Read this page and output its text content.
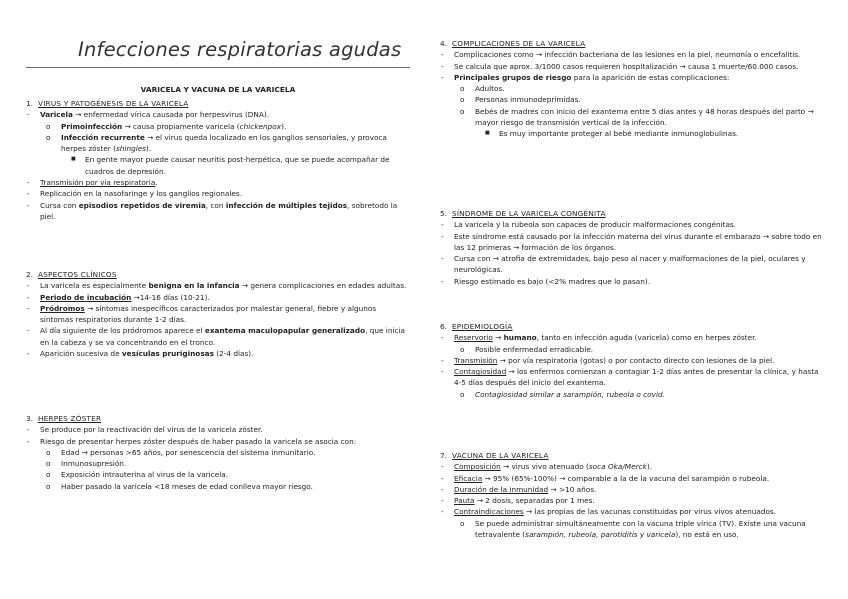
Infecciones respiratorias agudas
VARICELA Y VACUNA DE LA VARICELA
1. VIRUS Y PATOGÉNESIS DE LA VARICELA
- Varicela → enfermedad vírica causada por herpesvirus (DNA).
o Primoinfección → causa propiamente varicela (chickenpox).
o Infección recurrente → el virus queda localizado en los ganglios sensoriales, y provoca herpes zóster (shingles).
■ En gente mayor puede causar neuritis post-herpética, que se puede acompañar de cuadros de depresión.
- Transmisión por vía respiratoria.
- Replicación en la nasofaringe y los ganglios regionales.
- Cursa con episodios repetidos de viremia, con infección de múltiples tejidos, sobretodo la piel.
2. ASPECTOS CLÍNICOS
- La varicela es especialmente benigna en la infancia → genera complicaciones en edades adultas.
- Periodo de incubación →14-16 días (10-21).
- Pródromos → síntomas inespecíficos caracterizados por malestar general, fiebre y algunos síntomas respiratorios durante 1-2 días.
- Al día siguiente de los pródromos aparece el exantema maculopapular generalizado, que inicia en la cabeza y se va concentrando en el tronco.
- Aparición sucesiva de vesículas pruriginosas (2-4 días).
3. HERPES ZÓSTER
- Se produce por la reactivación del virus de la varicela zóster.
- Riesgo de presentar herpes zóster después de haber pasado la varicela se asocia con:
o Edad → personas >65 años, por senescencia del sistema inmunitario.
o Inmunosupresión.
o Exposición intrauterina al virus de la varicela.
o Haber pasado la varicela <18 meses de edad conlleva mayor riesgo.
4. COMPLICACIONES DE LA VARICELA
- Complicaciones como → infección bacteriana de las lesiones en la piel, neumonía o encefalitis.
- Se calcula que aprox. 3/1000 casos requieren hospitalización → causa 1 muerte/60.000 casos.
- Principales grupos de riesgo para la aparición de estas complicaciones:
o Adultos.
o Personas inmunodeprimidas.
o Bebés de madres con inicio del exantema entre 5 días antes y 48 horas después del parto → mayor riesgo de transmisión vertical de la infección.
■ Es muy importante proteger al bebé mediante inmunoglobulinas.
5. SÍNDROME DE LA VARICELA CONGÉNITA
- La varicela y la rubeola son capaces de producir malformaciones congénitas.
- Este síndrome está causado por la infección materna del virus durante el embarazo → sobre todo en las 12 primeras → formación de los órganos.
- Cursa con → atrofia de extremidades, bajo peso al nacer y malformaciones de la piel, oculares y neurológicas.
- Riesgo estimado es bajo (<2% madres que lo pasan).
6. EPIDEMIOLOGÍA
- Reservorio → humano, tanto en infección aguda (varicela) como en herpes zóster.
o Posible enfermedad erradicable.
- Transmisión → por vía respiratoria (gotas) o por contacto directo con lesiones de la piel.
- Contagiosidad → los enfermos comienzan a contagiar 1-2 días antes de presentar la clínica, y hasta 4-5 días después del inicio del exantema.
o Contagiosidad similar a sarampión, rubeola o covid.
7. VACUNA DE LA VARICELA
- Composición → virus vivo atenuado (soca Oka/Merck).
- Eficacia → 95% (65%-100%) → comparable a la de la vacuna del sarampión o rubeola.
- Duración de la inmunidad → >10 años.
- Pauta → 2 dosis, separadas por 1 mes.
- Contraindicaciones → las propias de las vacunas constituidas por virus vivos atenuados.
o Se puede administrar simultáneamente con la vacuna triple vírica (TV). Existe una vacuna tetravalente (sarampión, rubeola, parotiditis y varicela), no está en uso.
